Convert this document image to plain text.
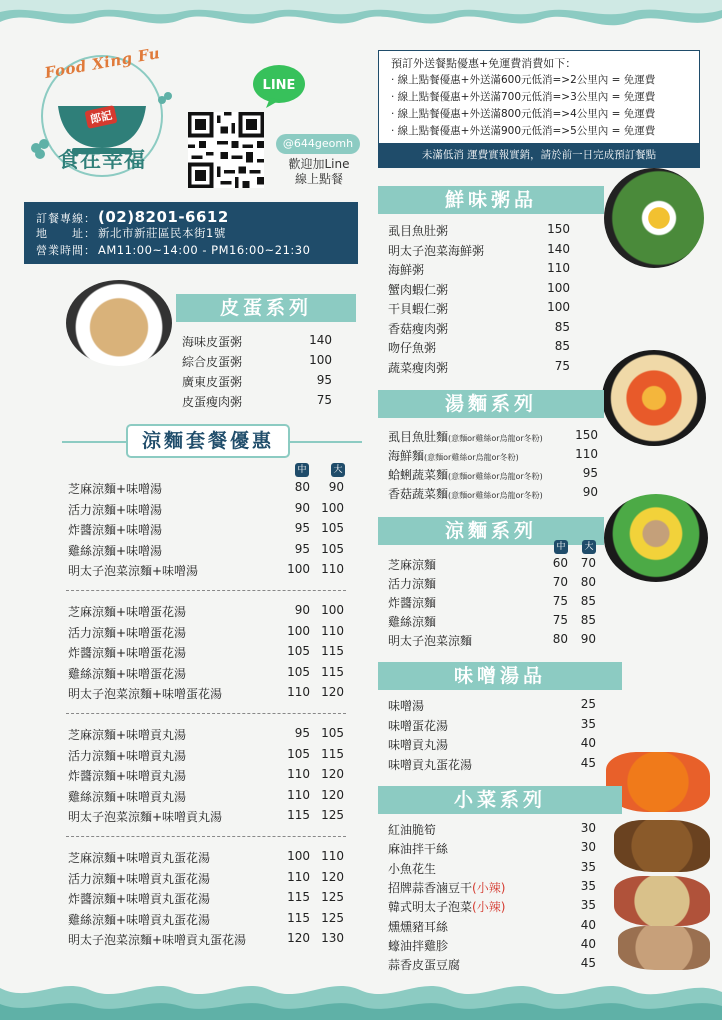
Food Xing Fu
郎記
食在幸福
LINE
@644geomh
歡迎加Line
線上點餐
預訂外送餐點優惠+免運費消費如下：
· 線上點餐優惠+外送滿600元低消=>2公里內 = 免運費
· 線上點餐優惠+外送滿700元低消=>3公里內 = 免運費
· 線上點餐優惠+外送滿800元低消=>4公里內 = 免運費
· 線上點餐優惠+外送滿900元低消=>5公里內 = 免運費
未滿低消 運費實報實銷，請於前一日完成預訂餐點
訂餐專線： (02)8201-6612
地　　址： 新北市新莊區民本街1號
營業時間： AM11:00~14:00 - PM16:00~21:30
皮蛋系列
海味皮蛋粥	140
綜合皮蛋粥	100
廣東皮蛋粥	95
皮蛋瘦肉粥	75
涼麵套餐優惠
中	大
芝麻涼麵+味噌湯	80	90
活力涼麵+味噌湯	90 100
炸醬涼麵+味噌湯	95 105
雞絲涼麵+味噌湯	95 105
明太子泡菜涼麵+味噌湯	100 110
芝麻涼麵+味噌蛋花湯	90 100
活力涼麵+味噌蛋花湯	100 110
炸醬涼麵+味噌蛋花湯	105 115
雞絲涼麵+味噌蛋花湯	105 115
明太子泡菜涼麵+味噌蛋花湯	110 120
芝麻涼麵+味噌貢丸湯	95 105
活力涼麵+味噌貢丸湯	105 115
炸醬涼麵+味噌貢丸湯	110 120
雞絲涼麵+味噌貢丸湯	110 120
明太子泡菜涼麵+味噌貢丸湯	115 125
芝麻涼麵+味噌貢丸蛋花湯	100 110
活力涼麵+味噌貢丸蛋花湯	110 120
炸醬涼麵+味噌貢丸蛋花湯	115 125
雞絲涼麵+味噌貢丸蛋花湯	115 125
明太子泡菜涼麵+味噌貢丸蛋花湯	120 130
鮮味粥品
虱目魚肚粥	150
明太子泡菜海鮮粥	140
海鮮粥	110
蟹肉蝦仁粥	100
干貝蝦仁粥	100
香菇瘦肉粥	85
吻仔魚粥	85
蔬菜瘦肉粥	75
湯麵系列
虱目魚肚麵(意麵or雞絲or烏龍or冬粉)	150
海鮮麵(意麵or雞絲or烏龍or冬粉)	110
蛤蜊蔬菜麵(意麵or雞絲or烏龍or冬粉)	95
香菇蔬菜麵(意麵or雞絲or烏龍or冬粉)	90
涼麵系列
中 大
芝麻涼麵	60	70
活力涼麵	70	80
炸醬涼麵	75	85
雞絲涼麵	75	85
明太子泡菜涼麵	80	90
味噌湯品
味噌湯	25
味噌蛋花湯	35
味噌貢丸湯	40
味噌貢丸蛋花湯	45
小菜系列
紅油脆筍	30
麻油拌干絲	30
小魚花生	35
招牌蒜香滷豆干(小辣)	35
韓式明太子泡菜(小辣)	35
燻燻豬耳絲	40
蠔油拌雞胗	40
蒜香皮蛋豆腐	45
